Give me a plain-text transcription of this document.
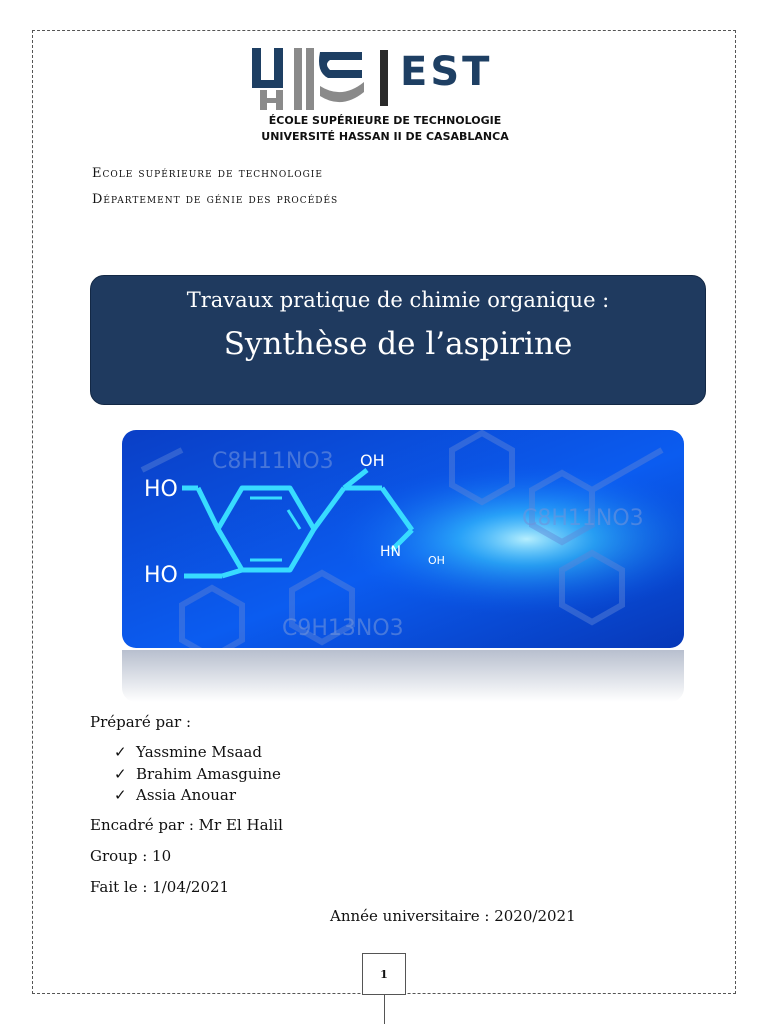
EST
ÉCOLE SUPÉRIEURE DE TECHNOLOGIE
UNIVERSITÉ HASSAN II DE CASABLANCA
Ecole supérieure de technologie
Département de génie des procédés
Travaux pratique de chimie organique :
Synthèse de l’aspirine
C8H11NO3
C9H13NO3
C8H11NO3
HO
HO
OH
HN
OH
Préparé par :
✓ Yassmine Msaad
✓ Brahim Amasguine
✓ Assia Anouar
Encadré par : Mr El Halil
Group : 10
Fait le : 1/04/2021
Année universitaire : 2020/2021
1
